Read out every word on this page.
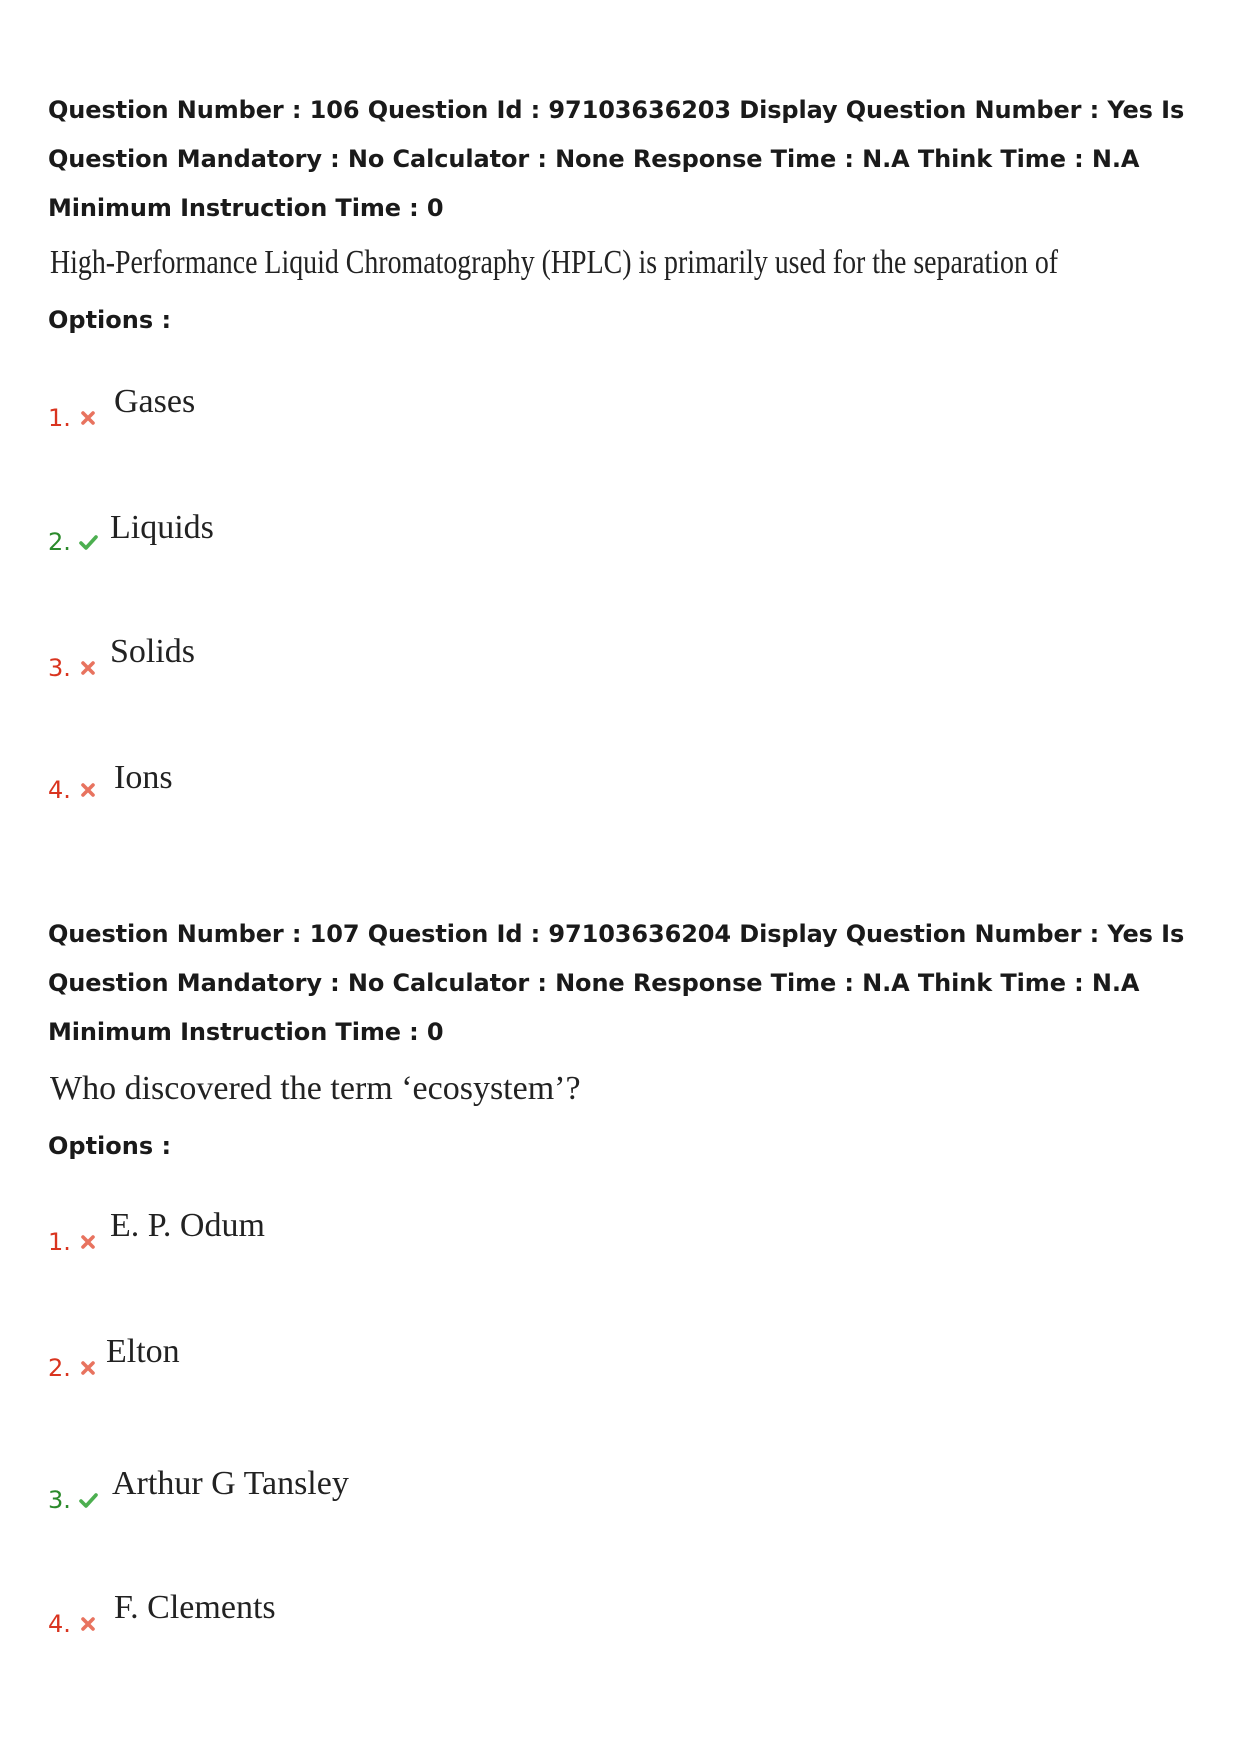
Question Number : 106 Question Id : 97103636203 Display Question Number : Yes Is Question Mandatory : No Calculator : None Response Time : N.A Think Time : N.A Minimum Instruction Time : 0

High-Performance Liquid Chromatography (HPLC) is primarily used for the separation of
Options :
1. Gases
2. Liquids
3. Solids
4. Ions

Question Number : 107 Question Id : 97103636204 Display Question Number : Yes Is Question Mandatory : No Calculator : None Response Time : N.A Think Time : N.A Minimum Instruction Time : 0

Who discovered the term ‘ecosystem’?
Options :
1. E. P. Odum
2. Elton
3. Arthur G Tansley
4. F. Clements
